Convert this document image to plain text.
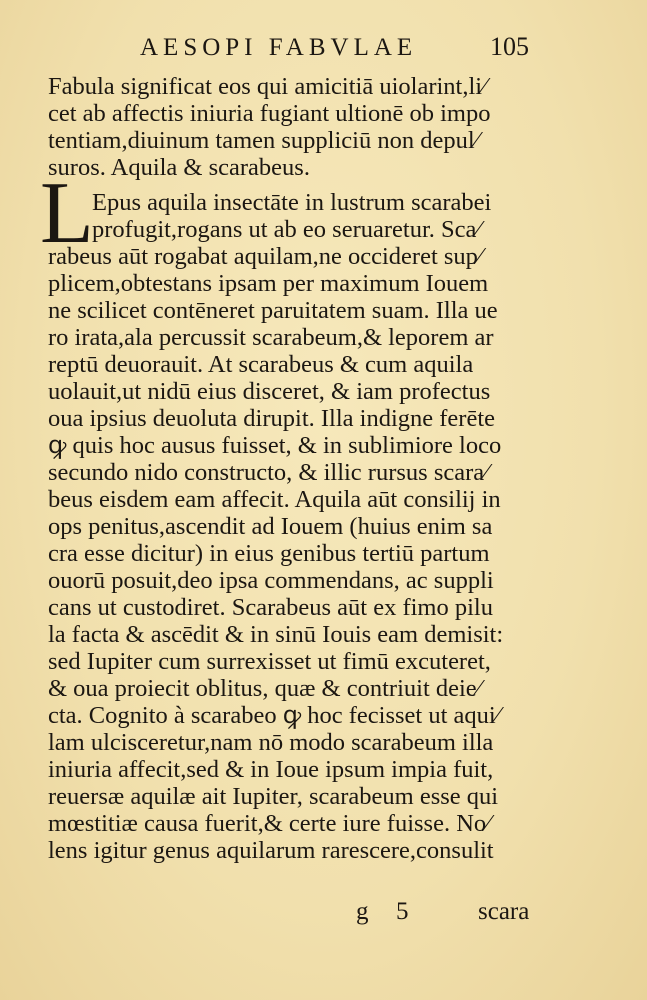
AESOPI FABVLAE	105
L
Fabula significat eos qui amicitiā uiolarint,li∕
cet ab affectis iniuria fugiant ultionē ob impo
tentiam,diuinum tamen suppliciū non depul∕
suros. Aquila & scarabeus.
Epus aquila insectāte in lustrum scarabei
profugit,rogans ut ab eo seruaretur. Sca∕
rabeus aūt rogabat aquilam,ne occideret sup∕
plicem,obtestans ipsam per maximum Iouem
ne scilicet contēneret paruitatem suam. Illa ue
ro irata,ala percussit scarabeum,& leporem ar
reptū deuorauit. At scarabeus & cum aquila
uolauit,ut nidū eius disceret, & iam profectus
oua ipsius deuoluta dirupit. Illa indigne ferēte
ꝙ quis hoc ausus fuisset, & in sublimiore loco
secundo nido constructo, & illic rursus scara∕
beus eisdem eam affecit. Aquila aūt consilij in
ops penitus,ascendit ad Iouem (huius enim sa
cra esse dicitur) in eius genibus tertiū partum
ouorū posuit,deo ipsa commendans, ac suppli
cans ut custodiret. Scarabeus aūt ex fimo pilu
la facta & ascēdit & in sinū Iouis eam demisit:
sed Iupiter cum surrexisset ut fimū excuteret,
& oua proiecit oblitus, quæ & contriuit deie∕
cta. Cognito à scarabeo ꝙ hoc fecisset ut aqui∕
lam ulcisceretur,nam nō modo scarabeum illa
iniuria affecit,sed & in Ioue ipsum impia fuit,
reuersæ aquilæ ait Iupiter, scarabeum esse qui
mœstitiæ causa fuerit,& certe iure fuisse. No∕
lens igitur genus aquilarum rarescere,consulit
g 5	scara
